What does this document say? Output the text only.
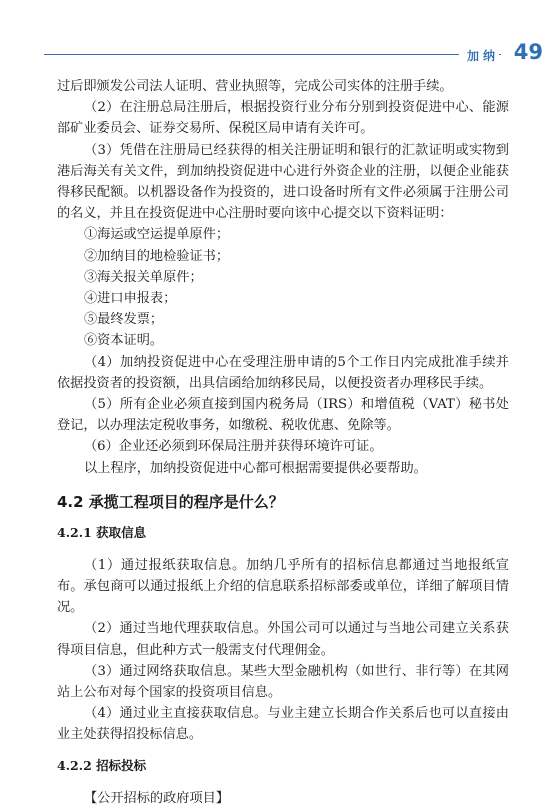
加纳 49

过后即颁发公司法人证明、营业执照等，完成公司实体的注册手续。

（2）在注册总局注册后，根据投资行业分布分别到投资促进中心、能源部矿业委员会、证券交易所、保税区局申请有关许可。

（3）凭借在注册局已经获得的相关注册证明和银行的汇款证明或实物到港后海关有关文件，到加纳投资促进中心进行外资企业的注册，以便企业能获得移民配额。以机器设备作为投资的，进口设备时所有文件必须属于注册公司的名义，并且在投资促进中心注册时要向该中心提交以下资料证明：

①海运或空运提单原件；
②加纳目的地检验证书；
③海关报关单原件；
④进口申报表；
⑤最终发票；
⑥资本证明。

（4）加纳投资促进中心在受理注册申请的5个工作日内完成批准手续并依据投资者的投资额，出具信函给加纳移民局，以便投资者办理移民手续。

（5）所有企业必须直接到国内税务局（IRS）和增值税（VAT）秘书处登记，以办理法定税收事务，如缴税、税收优惠、免除等。

（6）企业还必须到环保局注册并获得环境许可证。

以上程序，加纳投资促进中心都可根据需要提供必要帮助。

4.2 承揽工程项目的程序是什么？
4.2.1 获取信息

（1）通过报纸获取信息。加纳几乎所有的招标信息都通过当地报纸宣布。承包商可以通过报纸上介绍的信息联系招标部委或单位，详细了解项目情况。

（2）通过当地代理获取信息。外国公司可以通过与当地公司建立关系获得项目信息，但此种方式一般需支付代理佣金。

（3）通过网络获取信息。某些大型金融机构（如世行、非行等）在其网站上公布对每个国家的投资项目信息。

（4）通过业主直接获取信息。与业主建立长期合作关系后也可以直接由业主处获得招投标信息。

4.2.2 招标投标

【公开招标的政府项目】
